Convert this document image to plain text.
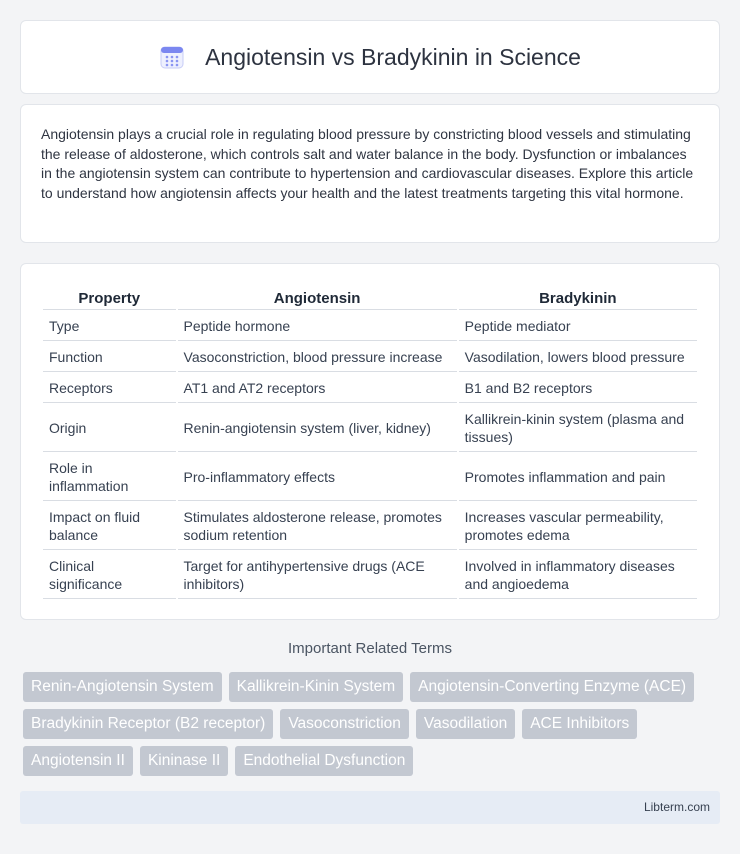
Angiotensin vs Bradykinin in Science

Angiotensin plays a crucial role in regulating blood pressure by constricting blood vessels and stimulating the release of aldosterone, which controls salt and water balance in the body. Dysfunction or imbalances in the angiotensin system can contribute to hypertension and cardiovascular diseases. Explore this article to understand how angiotensin affects your health and the latest treatments targeting this vital hormone.

Property	Angiotensin	Bradykinin
Type	Peptide hormone	Peptide mediator
Function	Vasoconstriction, blood pressure increase	Vasodilation, lowers blood pressure
Receptors	AT1 and AT2 receptors	B1 and B2 receptors
Origin	Renin-angiotensin system (liver, kidney)	Kallikrein-kinin system (plasma and tissues)
Role in inflammation	Pro-inflammatory effects	Promotes inflammation and pain
Impact on fluid balance	Stimulates aldosterone release, promotes sodium retention	Increases vascular permeability, promotes edema
Clinical significance	Target for antihypertensive drugs (ACE inhibitors)	Involved in inflammatory diseases and angioedema
Important Related Terms
Renin-Angiotensin System	Kallikrein-Kinin System	Angiotensin-Converting Enzyme (ACE)
Bradykinin Receptor (B2 receptor)	Vasoconstriction	Vasodilation	ACE Inhibitors
Angiotensin II	Kininase II	Endothelial Dysfunction
Libterm.com
